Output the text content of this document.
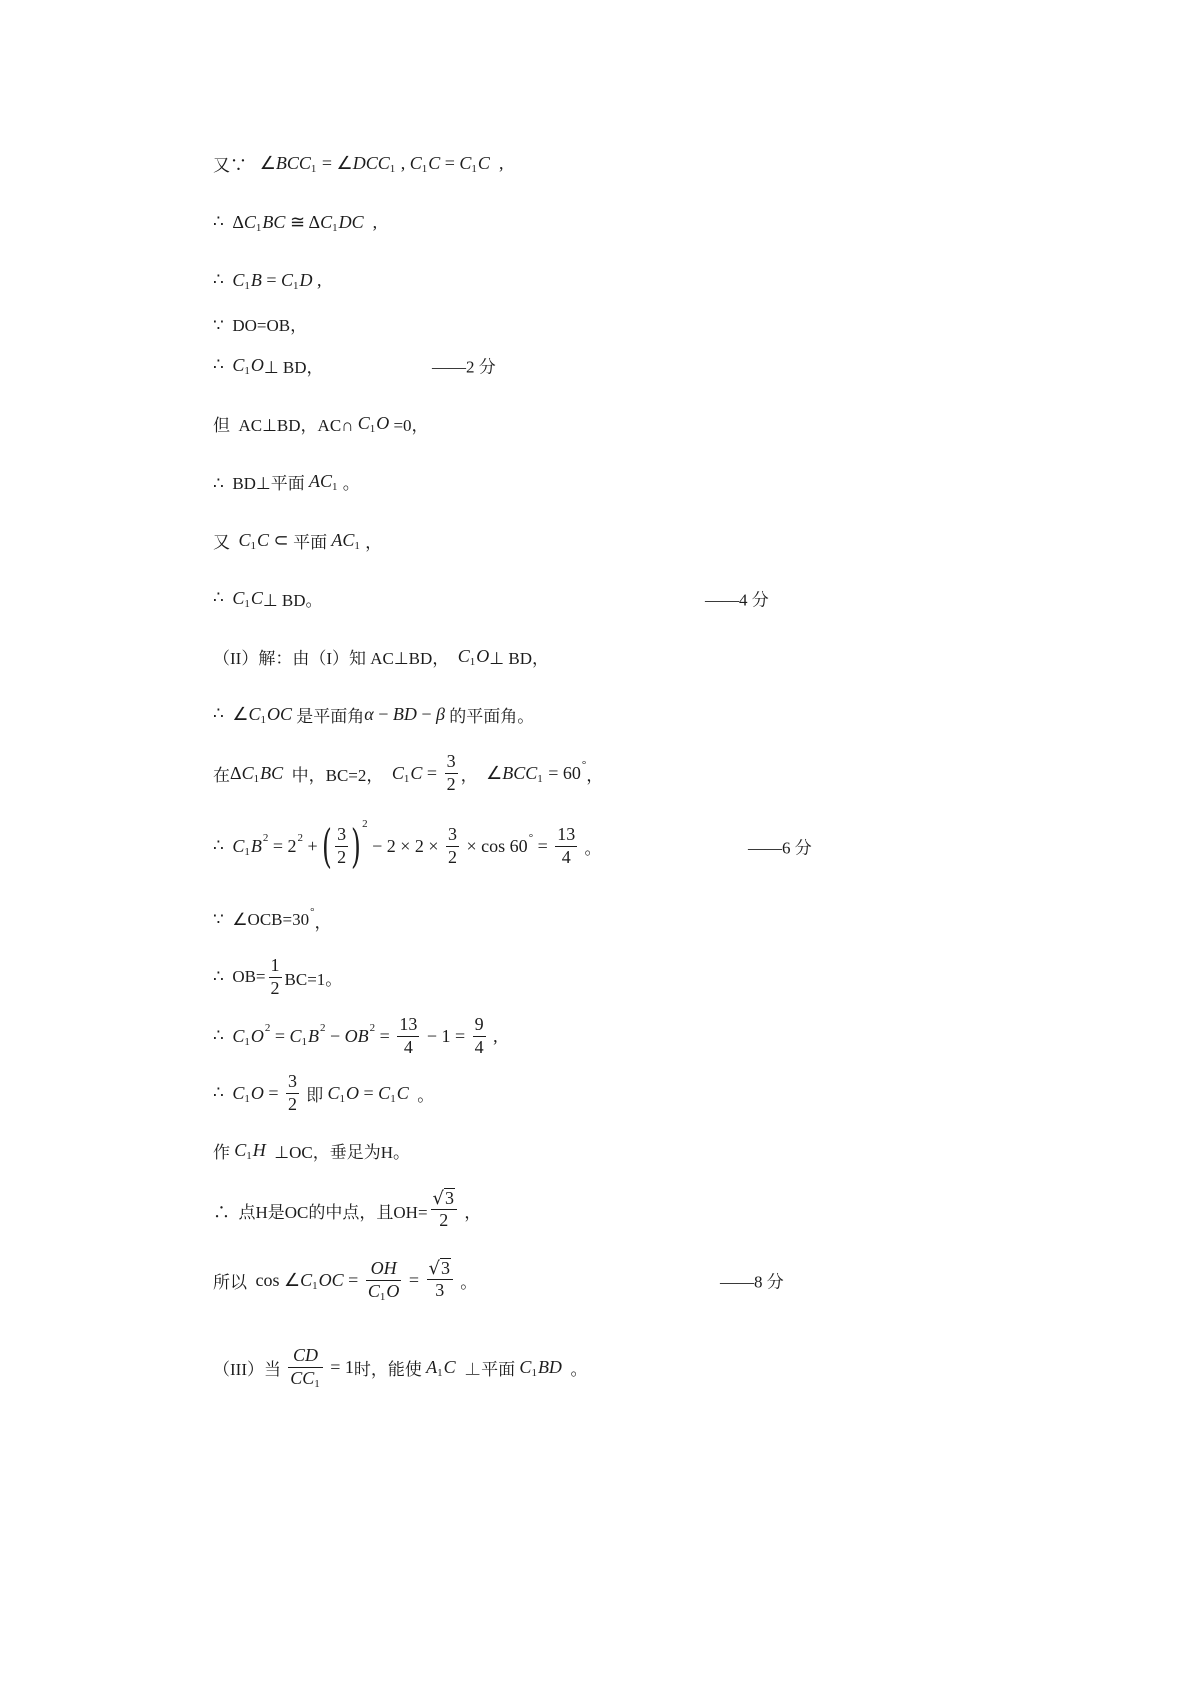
又∵ ∠ BCC 1 = ∠ DCC 1 , C 1 C = C 1 C ,
∴ Δ C 1 BC ≅ Δ C 1 DC ,
∴ C 1 B = C 1 D ,
∵  DO=OB，
∴ C 1 O ⊥ BD，	——2 分
但  AC⊥BD，AC∩ C 1 O =0，
∴  BD⊥平面 AC 1 。
又 C 1 C ⊂ 平面 AC 1 ，
∴ C 1 C ⊥ BD。	——4 分
（II）解：由（I）知 AC⊥BD， C 1 O ⊥ BD，
∴ ∠ C 1 OC 是平面角 α − BD − β 的平面角。
在 Δ C 1 BC 中，BC=2， C 1 $C = \frac{3}{2}$ ， ∠ BCC 1 = 60 °
，
∴ C 1 B 2 = 2 2 + ( $\frac{3}{2}$ ) 2
− $2 \times 2 \times \frac{3}{2} \times \cos 60$ ° = $\frac{13}{4}$ 。	——6 分
∵  ∠OCB=30 °
，
∴  $OB= \frac{1}{2} BC=1$。
∴ C 1 O 2 = C 1 B 2 − OB $2 = \frac{13}{4} - 1 = \frac{9}{4}$ ,
∴ C 1 $O = \frac{3}{2}$ 即 C 1 O = C 1 C 。
作 C 1 H ⊥OC，垂足为H。
∴  点H是OC的中点，且$OH= \frac{√ 3}{2}$ ，
所以 cos ∠ C 1 OC = $\frac{OH}{C 1 O} = \frac{√ 3}{3}$ 。	——8 分
（III）当 $\frac{CD}{CC 1} = 1$ 时，能使 A 1 C ⊥平面 C 1 BD 。
